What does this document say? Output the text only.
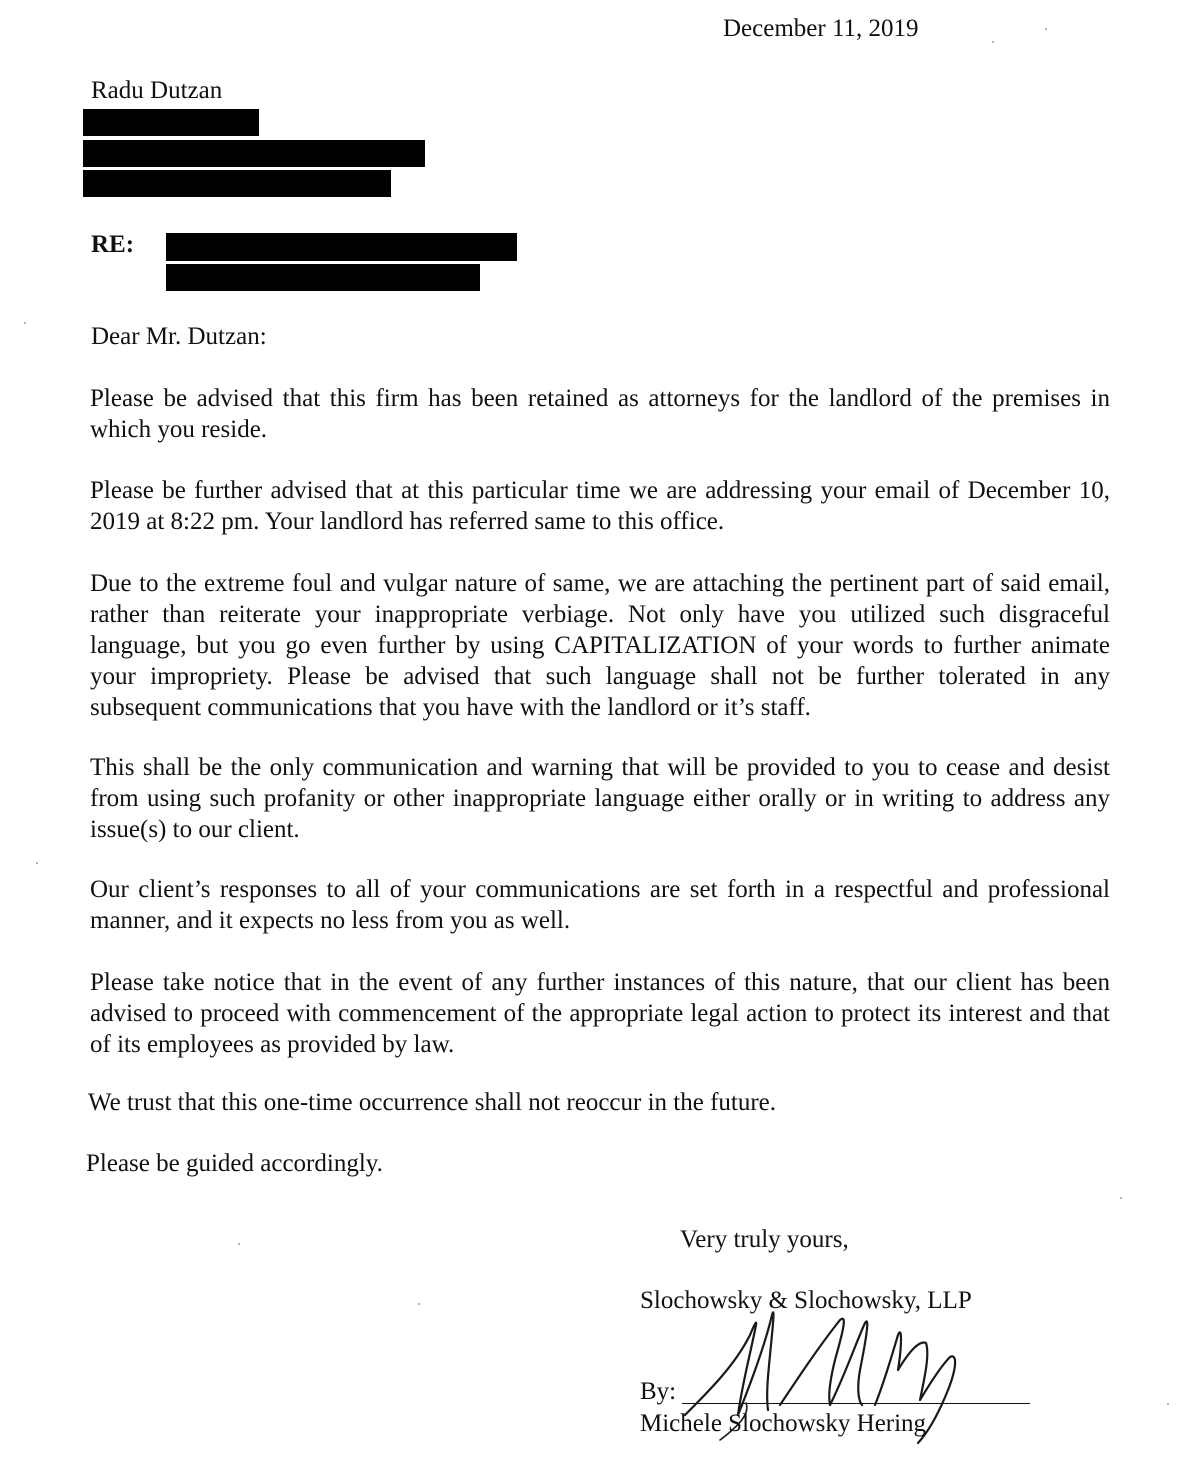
December 11, 2019
Radu Dutzan
RE:
Dear Mr. Dutzan:
Please be advised that this firm has been retained as attorneys for the landlord of the premises in which you reside.
Please be further advised that at this particular time we are addressing your email of December 10, 2019 at 8:22 pm. Your landlord has referred same to this office.
Due to the extreme foul and vulgar nature of same, we are attaching the pertinent part of said email, rather than reiterate your inappropriate verbiage. Not only have you utilized such disgraceful language, but you go even further by using CAPITALIZATION of your words to further animate your impropriety. Please be advised that such language shall not be further tolerated in any subsequent communications that you have with the landlord or it’s staff.
This shall be the only communication and warning that will be provided to you to cease and desist from using such profanity or other inappropriate language either orally or in writing to address any issue(s) to our client.
Our client’s responses to all of your communications are set forth in a respectful and professional manner, and it expects no less from you as well.
Please take notice that in the event of any further instances of this nature, that our client has been advised to proceed with commencement of the appropriate legal action to protect its interest and that of its employees as provided by law.
We trust that this one-time occurrence shall not reoccur in the future.
Please be guided accordingly.
Very truly yours,
Slochowsky & Slochowsky, LLP
By:
Michele Slochowsky Hering
